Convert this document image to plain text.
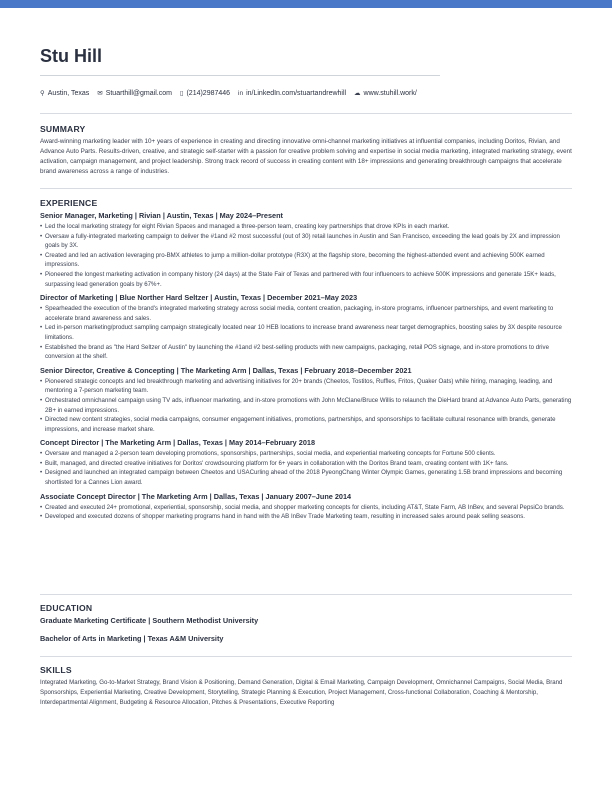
Stu Hill
⚲ Austin, Texas ✉ Stuarthill@gmail.com ▯ (214)2987446 in in/LinkedIn.com/stuartandrewhill ☁ www.stuhill.work/
SUMMARY
Award-winning marketing leader with 10+ years of experience in creating and directing innovative omni-channel marketing initiatives at influential companies, including Doritos, Rivian, and Advance Auto Parts. Results-driven, creative, and strategic self-starter with a passion for creative problem solving and expertise in social media marketing, integrated marketing strategy, event activation, campaign management, and project leadership. Strong track record of success in creating content with 18+ impressions and generating breakthrough campaigns that accelerate brand awareness across a range of industries.
EXPERIENCE
Senior Manager, Marketing | Rivian | Austin, Texas | May 2024–Present
• Led the local marketing strategy for eight Rivian Spaces and managed a three-person team, creating key partnerships that drove KPIs in each market.
• Oversaw a fully-integrated marketing campaign to deliver the #1and #2 most successful (out of 30) retail launches in Austin and San Francisco, exceeding the lead goals by 2X and impression goals by 3X.
• Created and led an activation leveraging pro-BMX athletes to jump a million-dollar prototype (R3X) at the flagship store, becoming the highest-attended event and achieving 500K earned impressions.
• Pioneered the longest marketing activation in company history (24 days) at the State Fair of Texas and partnered with four influencers to achieve 500K impressions and generate 15K+ leads, surpassing lead generation goals by 67%+.
Director of Marketing | Blue Norther Hard Seltzer | Austin, Texas | December 2021–May 2023
• Spearheaded the execution of the brand's integrated marketing strategy across social media, content creation, packaging, in-store programs, influencer partnerships, and event marketing to accelerate brand awareness and sales.
• Led in-person marketing/product sampling campaign strategically located near 10 HEB locations to increase brand awareness near target demographics, boosting sales by 3X despite resource limitations.
• Established the brand as "the Hard Seltzer of Austin" by launching the #1and #2 best-selling products with new campaigns, packaging, retail POS signage, and in-store promotions to drive conversion at the shelf.
Senior Director, Creative & Concepting | The Marketing Arm | Dallas, Texas | February 2018–December 2021
• Pioneered strategic concepts and led breakthrough marketing and advertising initiatives for 20+ brands (Cheetos, Tostitos, Ruffles, Fritos, Quaker Oats) while hiring, managing, leading, and mentoring a 7-person marketing team.
• Orchestrated omnichannel campaign using TV ads, influencer marketing, and in-store promotions with John McClane/Bruce Willis to relaunch the DieHard brand at Advance Auto Parts, generating 2B+ in earned impressions.
• Directed new content strategies, social media campaigns, consumer engagement initiatives, promotions, partnerships, and sponsorships to facilitate cultural resonance with brands, generate impressions, and increase market share.
Concept Director | The Marketing Arm | Dallas, Texas | May 2014–February 2018
• Oversaw and managed a 2-person team developing promotions, sponsorships, partnerships, social media, and experiential marketing concepts for Fortune 500 clients.
• Built, managed, and directed creative initiatives for Doritos' crowdsourcing platform for 6+ years in collaboration with the Doritos Brand team, creating content with 1K+ fans.
• Designed and launched an integrated campaign between Cheetos and USACurling ahead of the 2018 PyeongChang Winter Olympic Games, generating 1.5B brand impressions and becoming shortlisted for a Cannes Lion award.
Associate Concept Director | The Marketing Arm | Dallas, Texas | January 2007–June 2014
• Created and executed 24+ promotional, experiential, sponsorship, social media, and shopper marketing concepts for clients, including AT&T, State Farm, AB InBev, and several PepsiCo brands.
• Developed and executed dozens of shopper marketing programs hand in hand with the AB InBev Trade Marketing team, resulting in increased sales around peak selling seasons.
EDUCATION
Graduate Marketing Certificate | Southern Methodist University
Bachelor of Arts in Marketing | Texas A&M University
SKILLS
Integrated Marketing, Go-to-Market Strategy, Brand Vision & Positioning, Demand Generation, Digital & Email Marketing, Campaign Development, Omnichannel Campaigns, Social Media, Brand Sponsorships, Experiential Marketing, Creative Development, Storytelling, Strategic Planning & Execution, Project Management, Cross-functional Collaboration, Coaching & Mentorship, Interdepartmental Alignment, Budgeting & Resource Allocation, Pitches & Presentations, Executive Reporting
